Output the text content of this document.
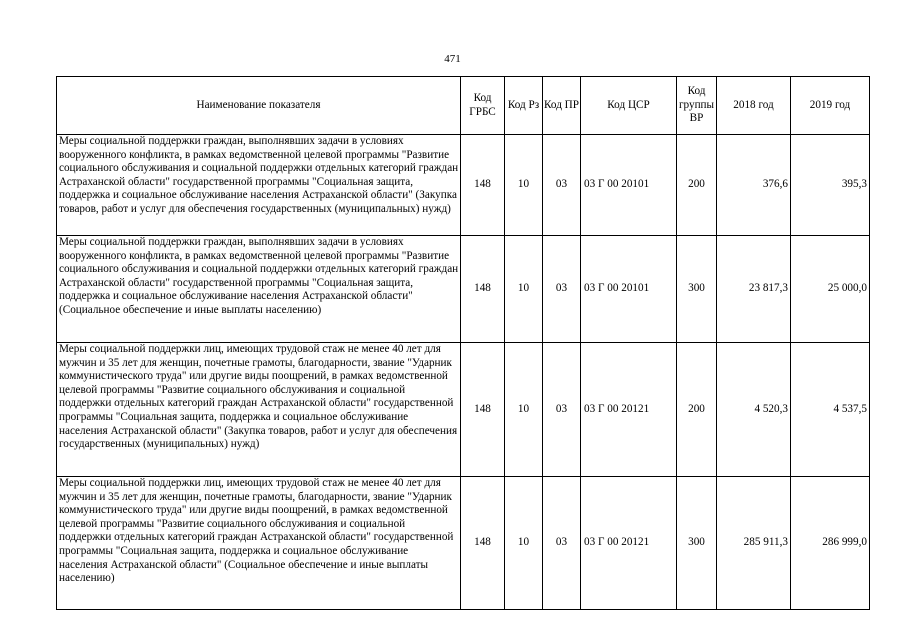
471
Наименование показателя	Код ГРБС	Код Рз	Код ПР	Код ЦСР	Код группы ВР	2018 год	2019 год

Меры социальной поддержки граждан, выполнявших задачи в условиях вооруженного конфликта, в рамках ведомственной целевой программы "Развитие социального обслуживания и социальной поддержки отдельных категорий граждан Астраханской области" государственной программы "Социальная защита, поддержка и социальное обслуживание населения Астраханской области" (Закупка товаров, работ и услуг для обеспечения государственных (муниципальных) нужд)	148	10	03	03 Г 00 20101	200	376,6	395,3

Меры социальной поддержки граждан, выполнявших задачи в условиях вооруженного конфликта, в рамках ведомственной целевой программы "Развитие социального обслуживания и социальной поддержки отдельных категорий граждан Астраханской области" государственной программы "Социальная защита, поддержка и социальное обслуживание населения Астраханской области" (Социальное обеспечение и иные выплаты населению)	148	10	03	03 Г 00 20101	300	23 817,3	25 000,0

Меры социальной поддержки лиц, имеющих трудовой стаж не менее 40 лет для мужчин и 35 лет для женщин, почетные грамоты, благодарности, звание "Ударник коммунистического труда" или другие виды поощрений, в рамках ведомственной целевой программы "Развитие социального обслуживания и социальной поддержки отдельных категорий граждан Астраханской области" государственной программы "Социальная защита, поддержка и социальное обслуживание населения Астраханской области" (Закупка товаров, работ и услуг для обеспечения государственных (муниципальных) нужд)	148	10	03	03 Г 00 20121	200	4 520,3	4 537,5

Меры социальной поддержки лиц, имеющих трудовой стаж не менее 40 лет для мужчин и 35 лет для женщин, почетные грамоты, благодарности, звание "Ударник коммунистического труда" или другие виды поощрений, в рамках ведомственной целевой программы "Развитие социального обслуживания и социальной поддержки отдельных категорий граждан Астраханской области" государственной программы "Социальная защита, поддержка и социальное обслуживание населения Астраханской области" (Социальное обеспечение и иные выплаты населению)	148	10	03	03 Г 00 20121	300	285 911,3	286 999,0
